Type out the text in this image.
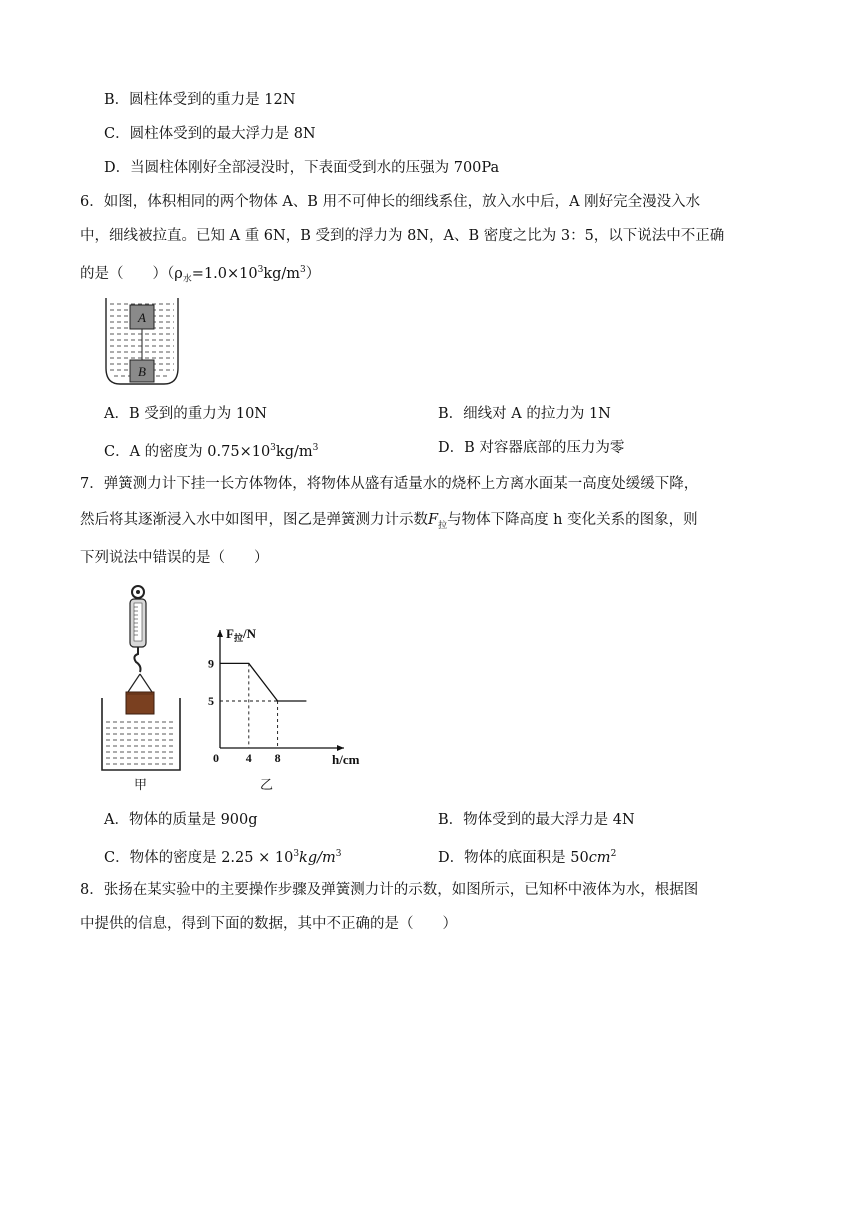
B．圆柱体受到的重力是 12N
C．圆柱体受到的最大浮力是 8N
D．当圆柱体刚好全部浸没时，下表面受到水的压强为 700Pa
6．如图，体积相同的两个物体 A、B 用不可伸长的细线系住，放入水中后，A 刚好完全漫没入水
中，细线被拉直。已知 A 重 6N，B 受到的浮力为 8N，A、B 密度之比为 3：5，以下说法中不正确
的是（　　）$(\rho_水=1.0\times 10^3kg/m^3)$
A
B
A．B 受到的重力为 10N	B．细线对 A 的拉力为 1N
C．A 的密度为 $0.75\times 10^3kg/m^3$	D．B 对容器底部的压力为零
7．弹簧测力计下挂一长方体物体，将物体从盛有适量水的烧杯上方离水面某一高度处缓缓下降，
然后将其逐渐浸入水中如图甲，图乙是弹簧测力计示数$F_拉$与物体下降高度 h 变化关系的图象，则
下列说法中错误的是（　　）
甲
$F_拉/N$
h/cm
0 4 8
9
5
乙
A．物体的质量是 900g	B．物体受到的最大浮力是 4N
C．物体的密度是 $2.25 \times 10^3kg/m^3$	D．物体的底面积是 $50cm^2$
8．张扬在某实验中的主要操作步骤及弹簧测力计的示数，如图所示，已知杯中液体为水，根据图
中提供的信息，得到下面的数据，其中不正确的是（　　）
